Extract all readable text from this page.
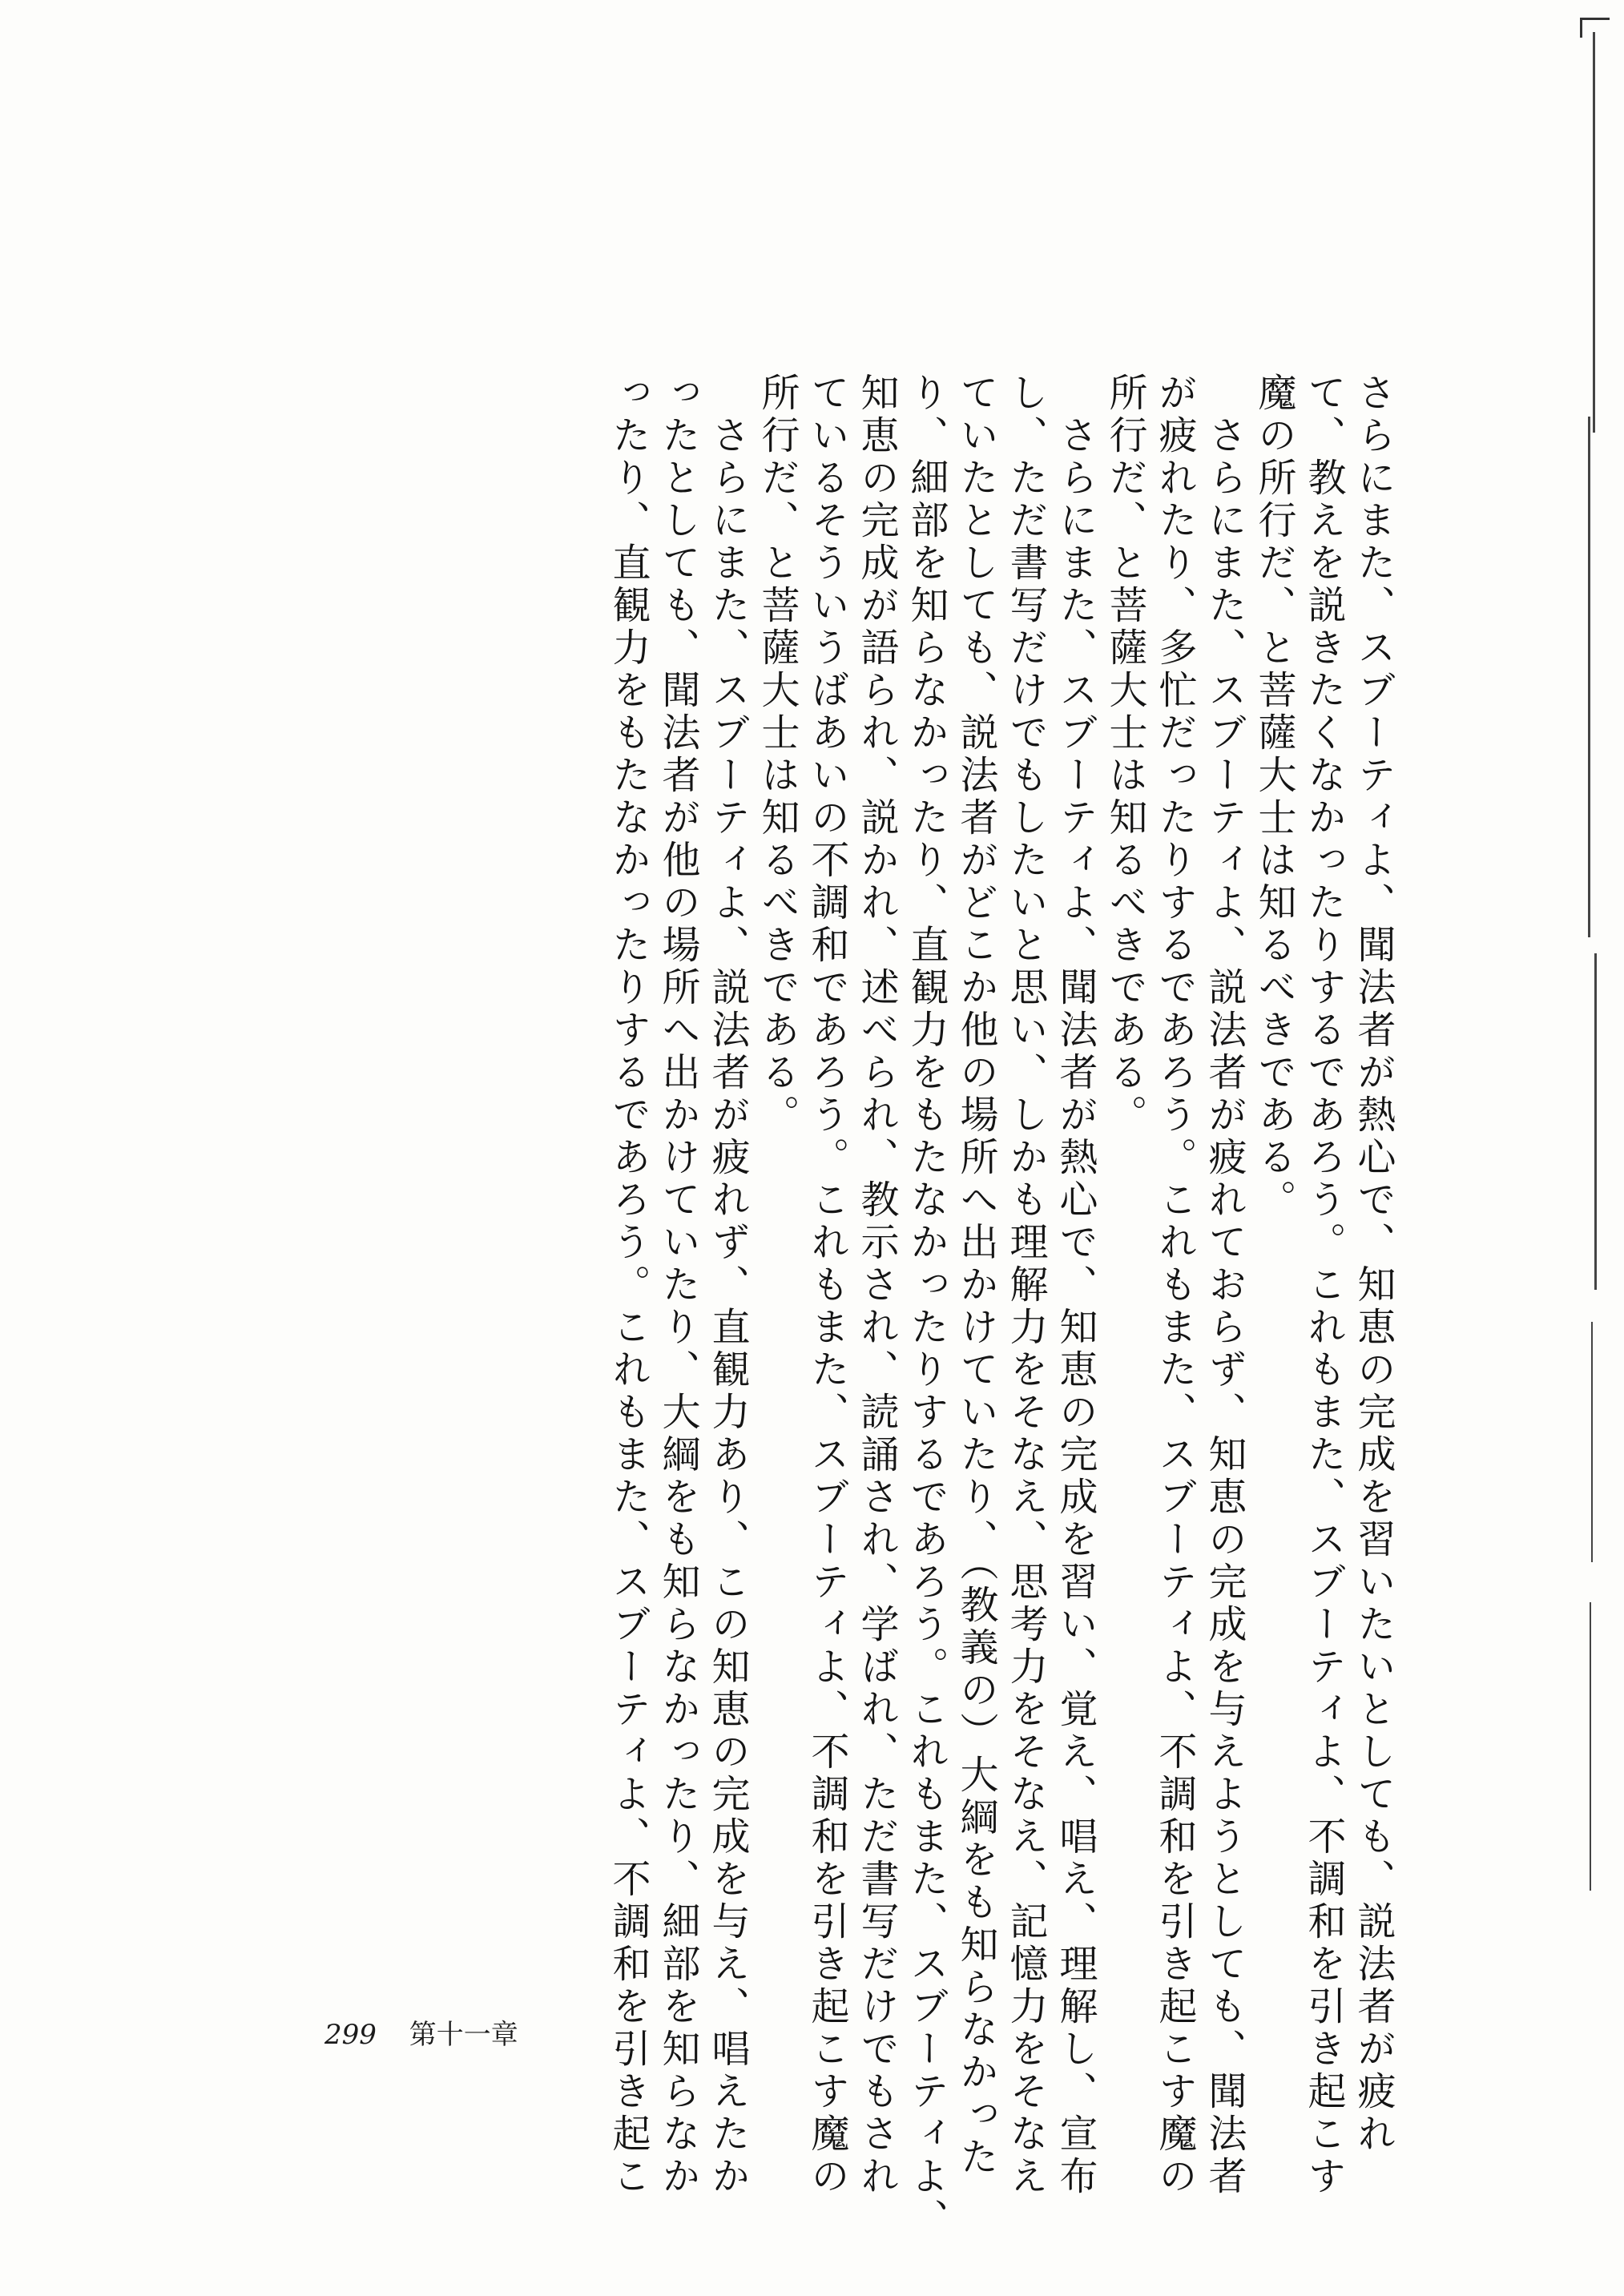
さらにまた、スブーティよ、聞法者が熱心で、知恵の完成を習いたいとしても、説法者が疲れ
て、教えを説きたくなかったりするであろう。これもまた、スブーティよ、不調和を引き起こす
魔の所行だ、と菩薩大士は知るべきである。
　さらにまた、スブーティよ、説法者が疲れておらず、知恵の完成を与えようとしても、聞法者
が疲れたり、多忙だったりするであろう。これもまた、スブーティよ、不調和を引き起こす魔の
所行だ、と菩薩大士は知るべきである。
　さらにまた、スブーティよ、聞法者が熱心で、知恵の完成を習い、覚え、唱え、理解し、宣布
し、ただ書写だけでもしたいと思い、しかも理解力をそなえ、思考力をそなえ、記憶力をそなえ
ていたとしても、説法者がどこか他の場所へ出かけていたり、（教義の）大綱をも知らなかった
り、細部を知らなかったり、直観力をもたなかったりするであろう。これもまた、スブーティよ、
知恵の完成が語られ、説かれ、述べられ、教示され、読誦され、学ばれ、ただ書写だけでもされ
ているそういうばあいの不調和であろう。これもまた、スブーティよ、不調和を引き起こす魔の
所行だ、と菩薩大士は知るべきである。
　さらにまた、スブーティよ、説法者が疲れず、直観力あり、この知恵の完成を与え、唱えたか
ったとしても、聞法者が他の場所へ出かけていたり、大綱をも知らなかったり、細部を知らなか
ったり、直観力をもたなかったりするであろう。これもまた、スブーティよ、不調和を引き起こ
299 第十一章
